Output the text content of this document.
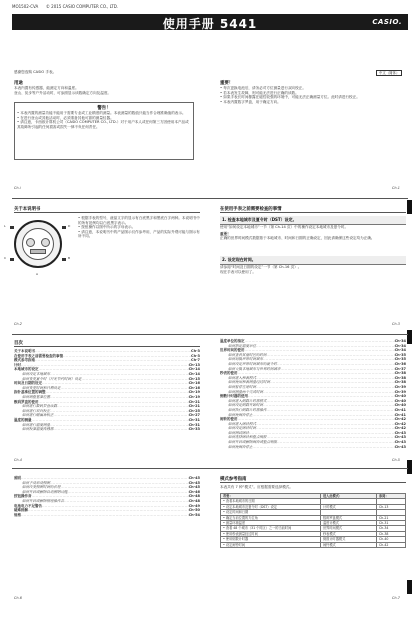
MO1502-CVA © 2015 CASIO COMPUTER CO., LTD.
使用手册 5441	CASIO.
感谢您选购 CASIO 手表。	中文（简体）
用途
本表内置有传感器，能测定方向和温度。
登山、徒步等户外活动时，可参照显示读数确定方向及温度。
警告！
• 本表内置的测量功能不能用于需要专业或工业精度的测量。本表测量的数值只能当作合理准确值的表示。
• 在进行登山或其他活动时，必须准备其他可靠的测量仪器。
• 请注意，卡西欧计算机公司（CASIO COMPUTER CO., LTD.）对于用户本人或任何第三方因使用本产品或其故障所引起的任何损害或损失一律不负任何责任。
重要！
• 每次更换电池后，请务必对方位测量进行双向校正。
• 若本表发生故障，则可能无法进行正确的读数。
• 如果手表长时间暴露在磁性较强的环境中，可能无法正确测量方位。此时请进行校正。
• 本表内置数字罗盘，用于确定方向。
Ch-i	Ch-1
关于本说明书
L
C
D
B
A
• 根据手表的型号，液晶文字的显示有白底黑字和黑底白字两种。本说明书中的所有范例均以白底黑字表示。
• 按钮操作以图中所示的字母表示。
• 请注意，本说明书中的产品图示仅作参考用，产品的实际外观可能与图示有所不同。
在使用手表之前需要检查的事情
1. 检查本地城市及夏令时（DST）设定。
使用“如何设定本地城市”一节（第 Ch-14 页）中的操作设定本地城市及夏令时。
重要！
正确的世界时间模式数据基于本地城市、时间和日期的正确设定，因此请确保这些设定均为正确。
2. 设定现在时间。
请参阅“时间及日期的设定”一节（第 Ch-16 页）。
现在手表可以使用了。
Ch-2	Ch-3
目次
关于本说明书 .....	Ch-3
在使用手表之前需要检查的事情 .....	Ch-3
模式参考指南 .....	Ch-7
计时 .....	Ch-13
本地城市的设定 .....	Ch-14
如何设定本地城市 .....	Ch-14
如何变更夏令时（日光节约时间）设定 .....	Ch-15
时间及日期的设定 .....	Ch-16
如何变更时间和日期设定 .....	Ch-16
指针基准位置的调整 .....	Ch-19
如何调整基准位置 .....	Ch-19
数码罗盘的使用 .....	Ch-21
如何进行数码罗盘读数 .....	Ch-21
如何进行双向校正 .....	Ch-25
如何进行磁偏角校正 .....	Ch-27
温度的测量 .....	Ch-31
如何进行温度测量 .....	Ch-31
如何校准温度传感器 .....	Ch-33
温度单位的指定 .....	Ch-34
如何指定温度单位 .....	Ch-34
世界时间的使用 .....	Ch-34
如何查看其他时区的时间 .....	Ch-35
如何切换世界时间城市 .....	Ch-35
如何设定世界时间城市的夏令时 .....	Ch-36
如何交换本地城市与世界时间城市 .....	Ch-37
秒表的使用 .....	Ch-38
如何进入秒表模式 .....	Ch-38
如何使用秒表测量经过时间 .....	Ch-38
如何暂停在途时间 .....	Ch-39
如何测量两个完成时间 .....	Ch-39
倒数计时器的使用 .....	Ch-40
如何进入倒数计时器模式 .....	Ch-40
如何设定倒数开始时间 .....	Ch-40
如何执行倒数计时器操作 .....	Ch-41
如何使闹铃停止 .....	Ch-41
闹铃的使用 .....	Ch-42
如何进入闹铃模式 .....	Ch-42
如何设定闹铃时间 .....	Ch-42
如何测试闹铃 .....	Ch-43
如何选择闹铃和整点响报 .....	Ch-43
如何开启或解除闹铃或整点响报 .....	Ch-43
如何使闹铃停止 .....	Ch-43
Ch-4	Ch-5
照明 .....	Ch-45
如何手动启动照明 .....	Ch-45
如何改变照明时间的长短 .....	Ch-45
如何开启或解除自动照明功能 .....	Ch-46
按钮操作音 .....	Ch-48
如何开启或解除按钮操作音 .....	Ch-48
电池电力不足警告 .....	Ch-49
疑难排解 .....	Ch-50
规格 .....	Ch-54
模式参考指南
本表共有 7 种“模式”。应根据需要选择模式。
若要：	进入此模式：	参阅：
• 查看本地城市的日期		
• 设定本地城市及夏令时（DST）设定	计时模式	Ch-13
• 设定时间和日期		
• 确定当前位置的方位角	数码罗盘模式	Ch-21
• 测量环境温度	温度计模式	Ch-31
• 查看 48 个城市（31 个时区）之一的当前时间	世界时间模式	Ch-34
• 使用秒表测量经过时间	秒表模式	Ch-38
• 使用倒数计时器	倒数计时器模式	Ch-40
• 设定闹铃时间	闹铃模式	Ch-42
Ch-6	Ch-7
